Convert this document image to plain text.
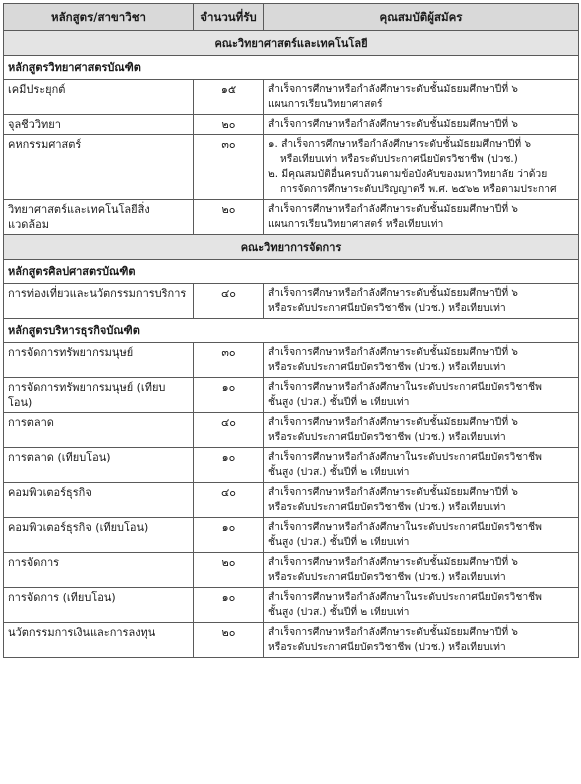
หลักสูตร/สาขาวิชา	จำนวนที่รับ	คุณสมบัติผู้สมัคร
คณะวิทยาศาสตร์และเทคโนโลยี		
หลักสูตรวิทยาศาสตรบัณฑิต		
เคมีประยุกต์	๑๕	สำเร็จการศึกษาหรือกำลังศึกษาระดับชั้นมัธยมศึกษาปีที่ ๖
แผนการเรียนวิทยาศาสตร์

จุลชีววิทยา	๒๐	สำเร็จการศึกษาหรือกำลังศึกษาระดับชั้นมัธยมศึกษาปีที่ ๖

คหกรรมศาสตร์	๓๐	๑. สำเร็จการศึกษาหรือกำลังศึกษาระดับชั้นมัธยมศึกษาปีที่ ๖
หรือเทียบเท่า หรือระดับประกาศนียบัตรวิชาชีพ (ปวช.)
๒. มีคุณสมบัติอื่นครบถ้วนตามข้อบังคับของมหาวิทยาลัย ว่าด้วย
การจัดการศึกษาระดับปริญญาตรี พ.ศ. ๒๕๖๒ หรือตามประกาศ

วิทยาศาสตร์และเทคโนโลยีสิ่งแวดล้อม	๒๐	สำเร็จการศึกษาหรือกำลังศึกษาระดับชั้นมัธยมศึกษาปีที่ ๖
แผนการเรียนวิทยาศาสตร์ หรือเทียบเท่า

คณะวิทยาการจัดการ		
หลักสูตรศิลปศาสตรบัณฑิต		
การท่องเที่ยวและนวัตกรรมการบริการ	๔๐	สำเร็จการศึกษาหรือกำลังศึกษาระดับชั้นมัธยมศึกษาปีที่ ๖
หรือระดับประกาศนียบัตรวิชาชีพ (ปวช.) หรือเทียบเท่า

หลักสูตรบริหารธุรกิจบัณฑิต		
การจัดการทรัพยากรมนุษย์	๓๐	สำเร็จการศึกษาหรือกำลังศึกษาระดับชั้นมัธยมศึกษาปีที่ ๖
หรือระดับประกาศนียบัตรวิชาชีพ (ปวช.) หรือเทียบเท่า

การจัดการทรัพยากรมนุษย์ (เทียบโอน)	๑๐	สำเร็จการศึกษาหรือกำลังศึกษาในระดับประกาศนียบัตรวิชาชีพ
ชั้นสูง (ปวส.) ชั้นปีที่ ๒ เทียบเท่า

การตลาด	๔๐	สำเร็จการศึกษาหรือกำลังศึกษาระดับชั้นมัธยมศึกษาปีที่ ๖
หรือระดับประกาศนียบัตรวิชาชีพ (ปวช.) หรือเทียบเท่า

การตลาด (เทียบโอน)	๑๐	สำเร็จการศึกษาหรือกำลังศึกษาในระดับประกาศนียบัตรวิชาชีพ
ชั้นสูง (ปวส.) ชั้นปีที่ ๒ เทียบเท่า

คอมพิวเตอร์ธุรกิจ	๔๐	สำเร็จการศึกษาหรือกำลังศึกษาระดับชั้นมัธยมศึกษาปีที่ ๖
หรือระดับประกาศนียบัตรวิชาชีพ (ปวช.) หรือเทียบเท่า

คอมพิวเตอร์ธุรกิจ (เทียบโอน)	๑๐	สำเร็จการศึกษาหรือกำลังศึกษาในระดับประกาศนียบัตรวิชาชีพ
ชั้นสูง (ปวส.) ชั้นปีที่ ๒ เทียบเท่า

การจัดการ	๒๐	สำเร็จการศึกษาหรือกำลังศึกษาระดับชั้นมัธยมศึกษาปีที่ ๖
หรือระดับประกาศนียบัตรวิชาชีพ (ปวช.) หรือเทียบเท่า

การจัดการ (เทียบโอน)	๑๐	สำเร็จการศึกษาหรือกำลังศึกษาในระดับประกาศนียบัตรวิชาชีพ
ชั้นสูง (ปวส.) ชั้นปีที่ ๒ เทียบเท่า

นวัตกรรมการเงินและการลงทุน	๒๐	สำเร็จการศึกษาหรือกำลังศึกษาระดับชั้นมัธยมศึกษาปีที่ ๖
หรือระดับประกาศนียบัตรวิชาชีพ (ปวช.) หรือเทียบเท่า
